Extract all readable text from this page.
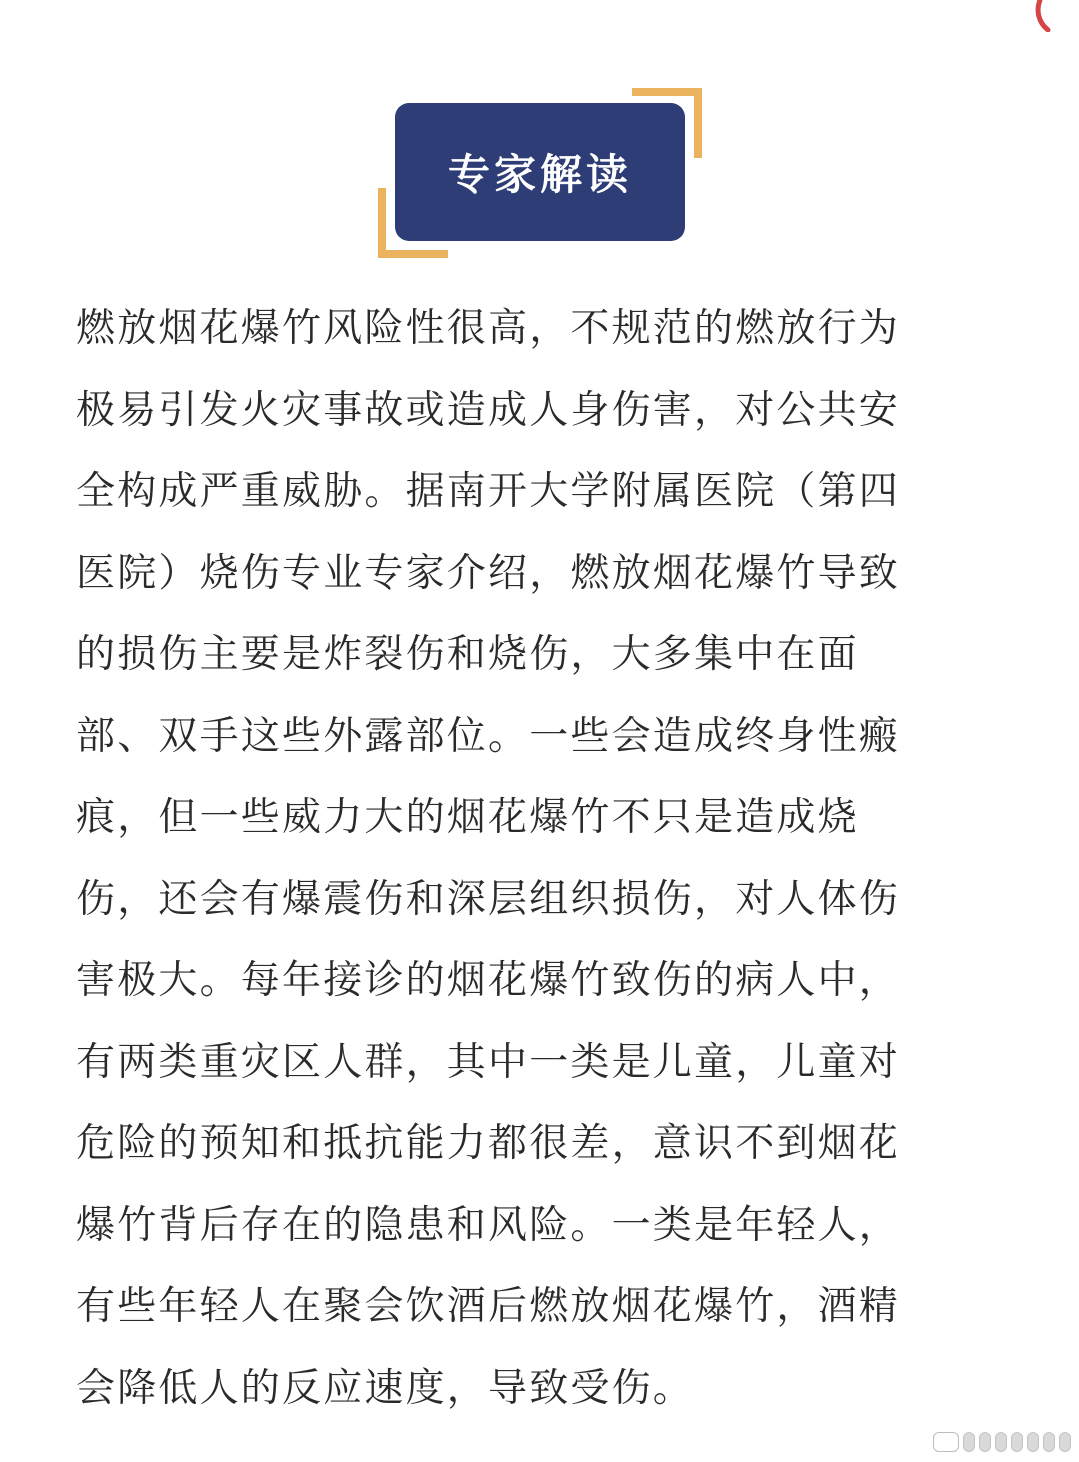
专家解读

燃放烟花爆竹风险性很高，不规范的燃放行为
极易引发火灾事故或造成人身伤害，对公共安
全构成严重威胁。据南开大学附属医院（第四
医院）烧伤专业专家介绍，燃放烟花爆竹导致
的损伤主要是炸裂伤和烧伤，大多集中在面
部、双手这些外露部位。一些会造成终身性瘢
痕，但一些威力大的烟花爆竹不只是造成烧
伤，还会有爆震伤和深层组织损伤，对人体伤
害极大。每年接诊的烟花爆竹致伤的病人中，
有两类重灾区人群，其中一类是儿童，儿童对
危险的预知和抵抗能力都很差，意识不到烟花
爆竹背后存在的隐患和风险。一类是年轻人，
有些年轻人在聚会饮酒后燃放烟花爆竹，酒精
会降低人的反应速度，导致受伤。
